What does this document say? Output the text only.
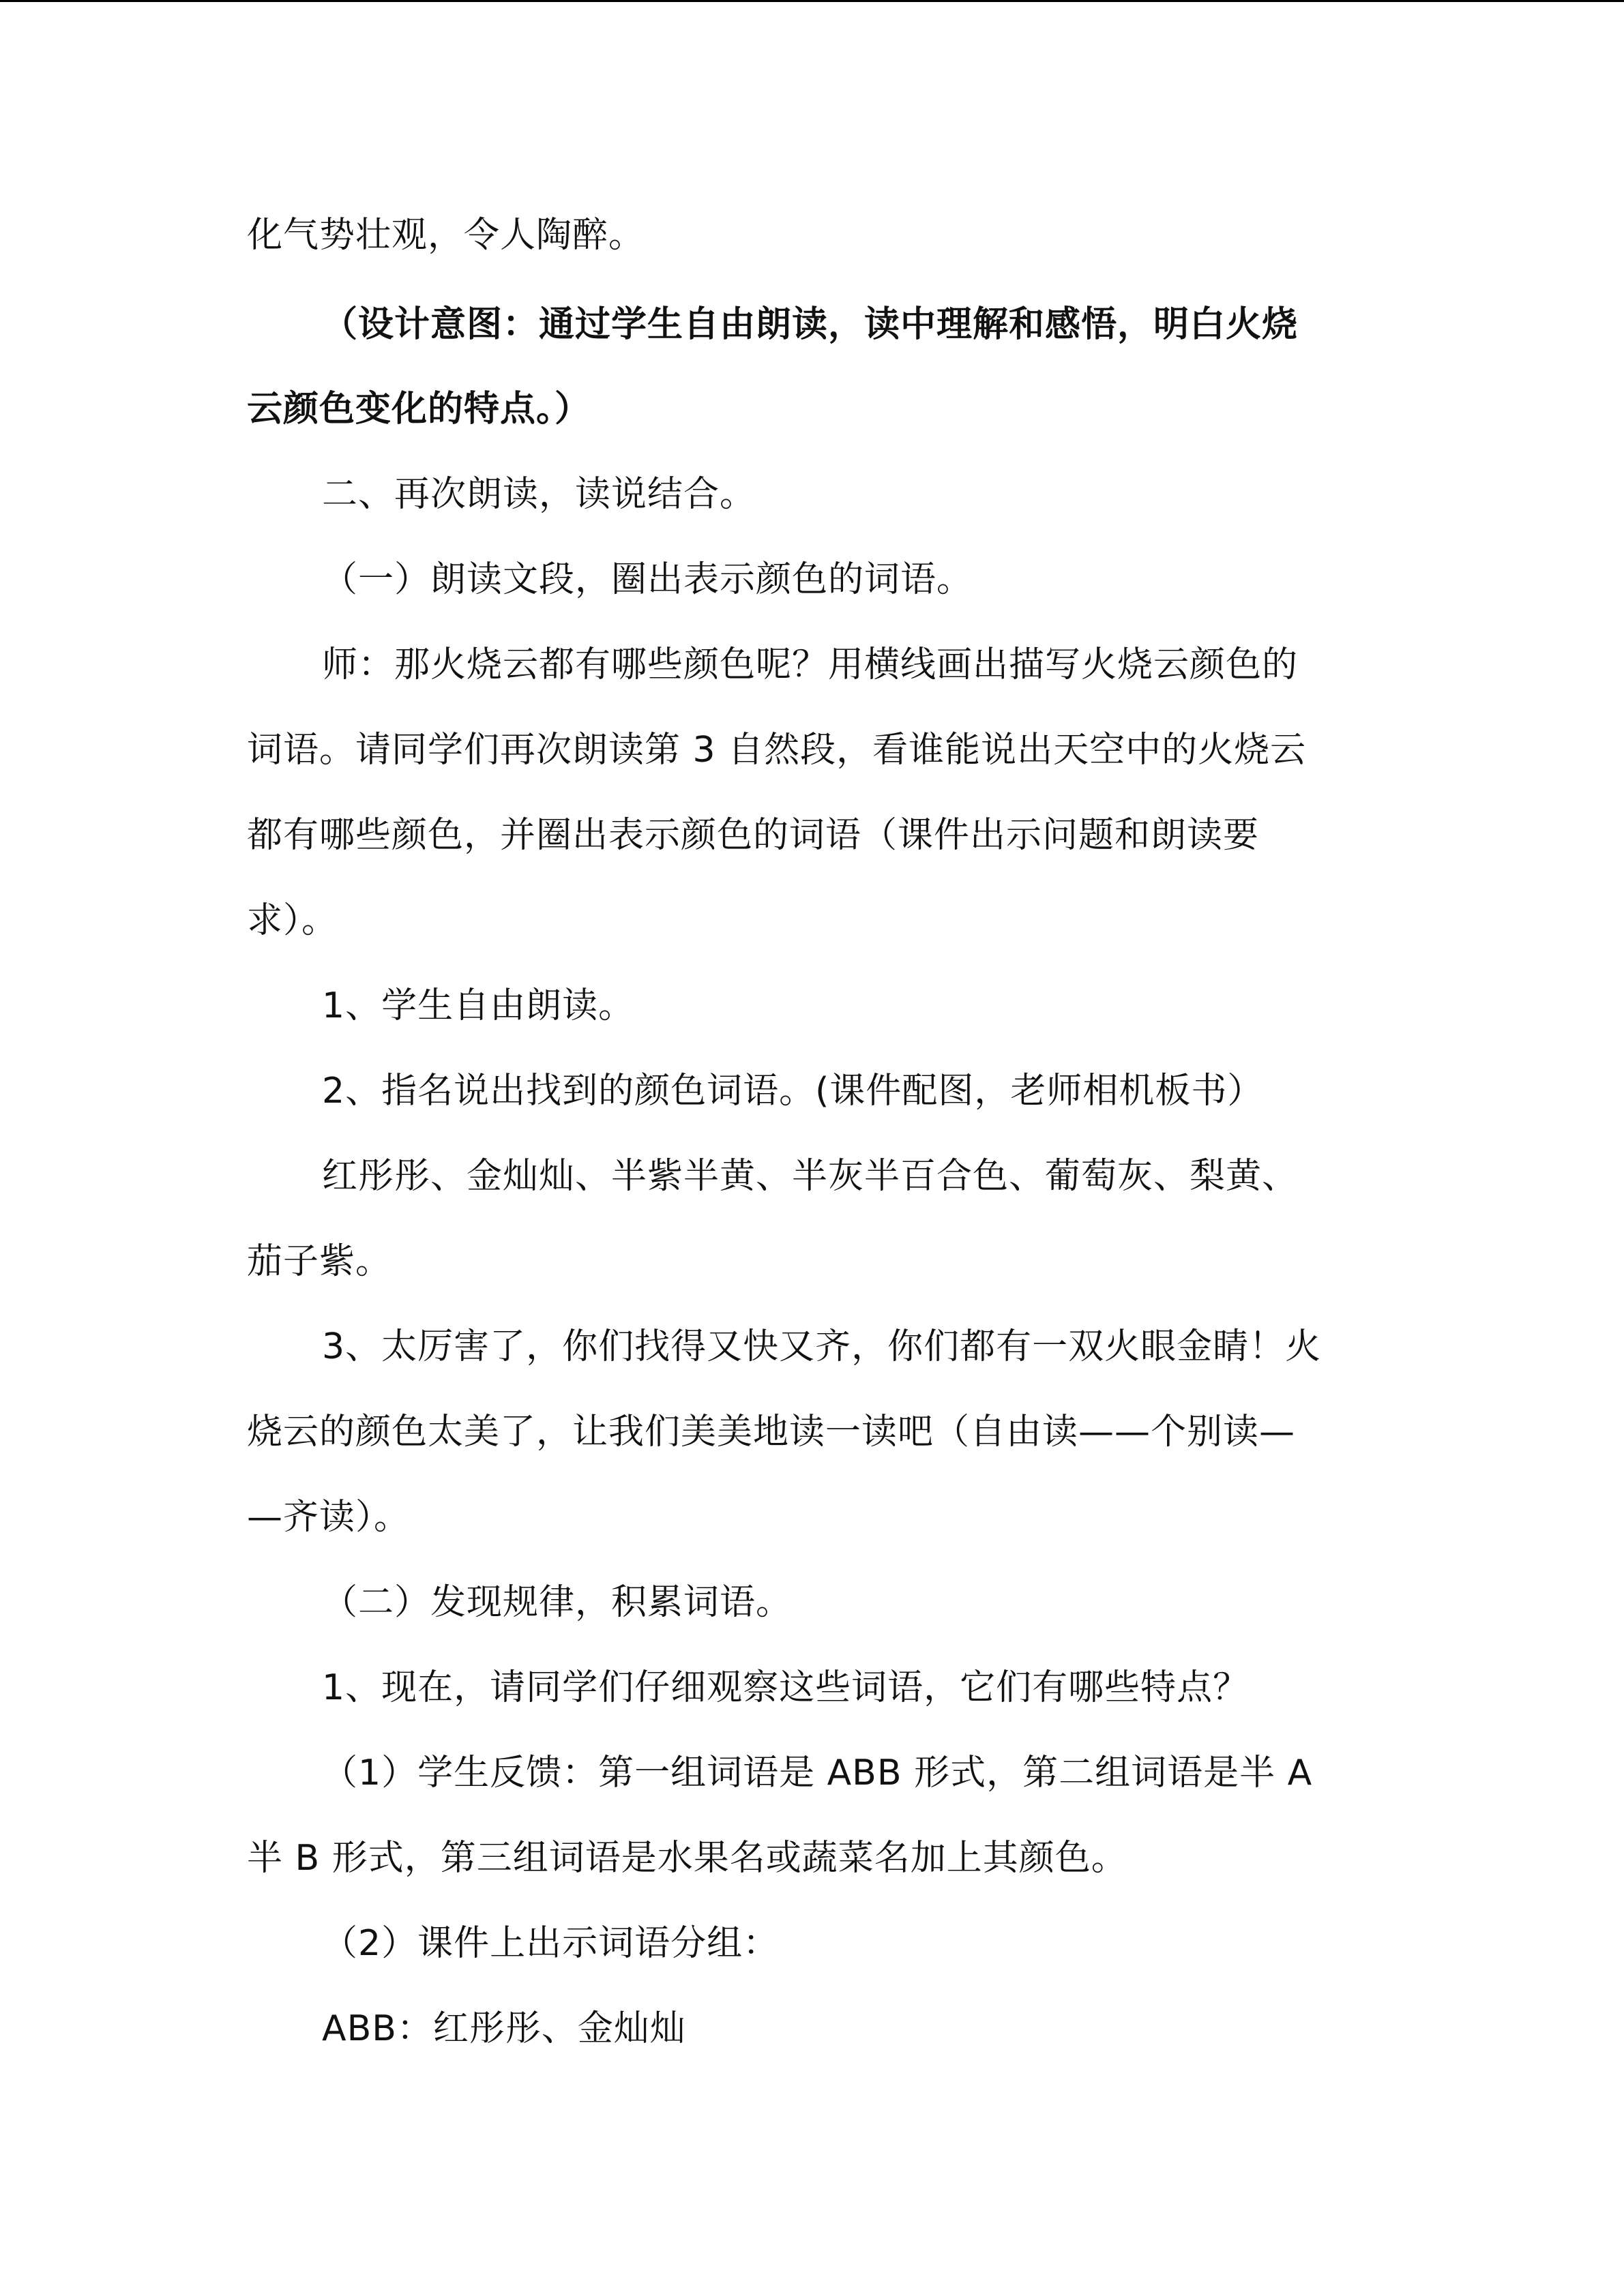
化气势壮观，令人陶醉。
（设计意图：通过学生自由朗读，读中理解和感悟，明白火烧
云颜色变化的特点。）
二、再次朗读，读说结合。
（一）朗读文段，圈出表示颜色的词语。
师：那火烧云都有哪些颜色呢？用横线画出描写火烧云颜色的
词语。请同学们再次朗读第 3 自然段，看谁能说出天空中的火烧云
都有哪些颜色，并圈出表示颜色的词语（课件出示问题和朗读要
求）。
1、学生自由朗读。
2、指名说出找到的颜色词语。(课件配图，老师相机板书）
红彤彤、金灿灿、半紫半黄、半灰半百合色、葡萄灰、梨黄、
茄子紫。
3、太厉害了，你们找得又快又齐，你们都有一双火眼金睛！火
烧云的颜色太美了，让我们美美地读一读吧（自由读——个别读—
—齐读）。
（二）发现规律，积累词语。
1、现在，请同学们仔细观察这些词语，它们有哪些特点？
（1）学生反馈：第一组词语是 ABB 形式，第二组词语是半 A
半 B 形式，第三组词语是水果名或蔬菜名加上其颜色。
（2）课件上出示词语分组：
ABB：红彤彤、金灿灿
